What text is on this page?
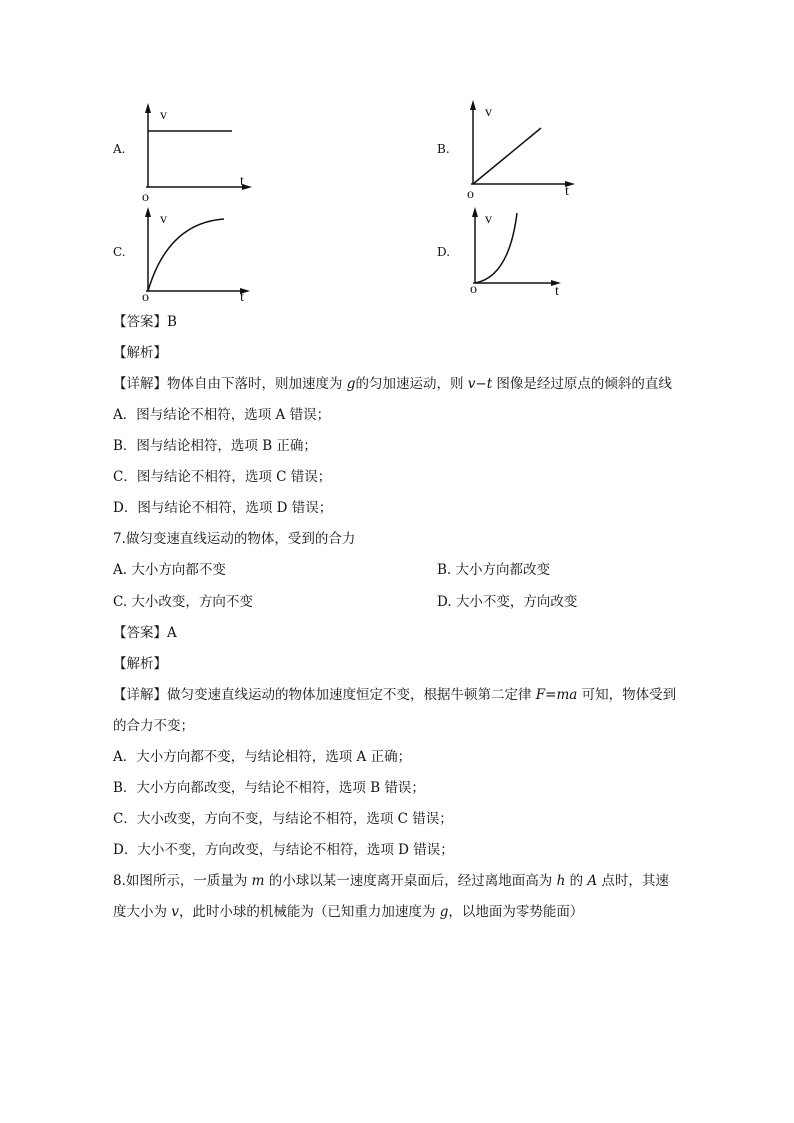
A.	B.
C.	D.
v
t
o
v
t
o
v
t
o
v
t
o
【答案】B
【解析】
【详解】物体自由下落时，则加速度为 g的匀加速运动，则 v−t 图像是经过原点的倾斜的直线
A．图与结论不相符，选项 A 错误；
B．图与结论相符，选项 B 正确；
C．图与结论不相符，选项 C 错误；
D．图与结论不相符，选项 D 错误；
7.做匀变速直线运动的物体，受到的合力
A. 大小方向都不变	B. 大小方向都改变
C. 大小改变，方向不变	D. 大小不变，方向改变
【答案】A
【解析】
【详解】做匀变速直线运动的物体加速度恒定不变，根据牛顿第二定律 F=ma 可知，物体受到
的合力不变；
A．大小方向都不变，与结论相符，选项 A 正确；
B．大小方向都改变，与结论不相符，选项 B 错误；
C．大小改变，方向不变，与结论不相符，选项 C 错误；
D．大小不变，方向改变，与结论不相符，选项 D 错误；
8.如图所示，一质量为 m 的小球以某一速度离开桌面后，经过离地面高为 h 的 A 点时，其速
度大小为 v，此时小球的机械能为（已知重力加速度为 g，以地面为零势能面）
